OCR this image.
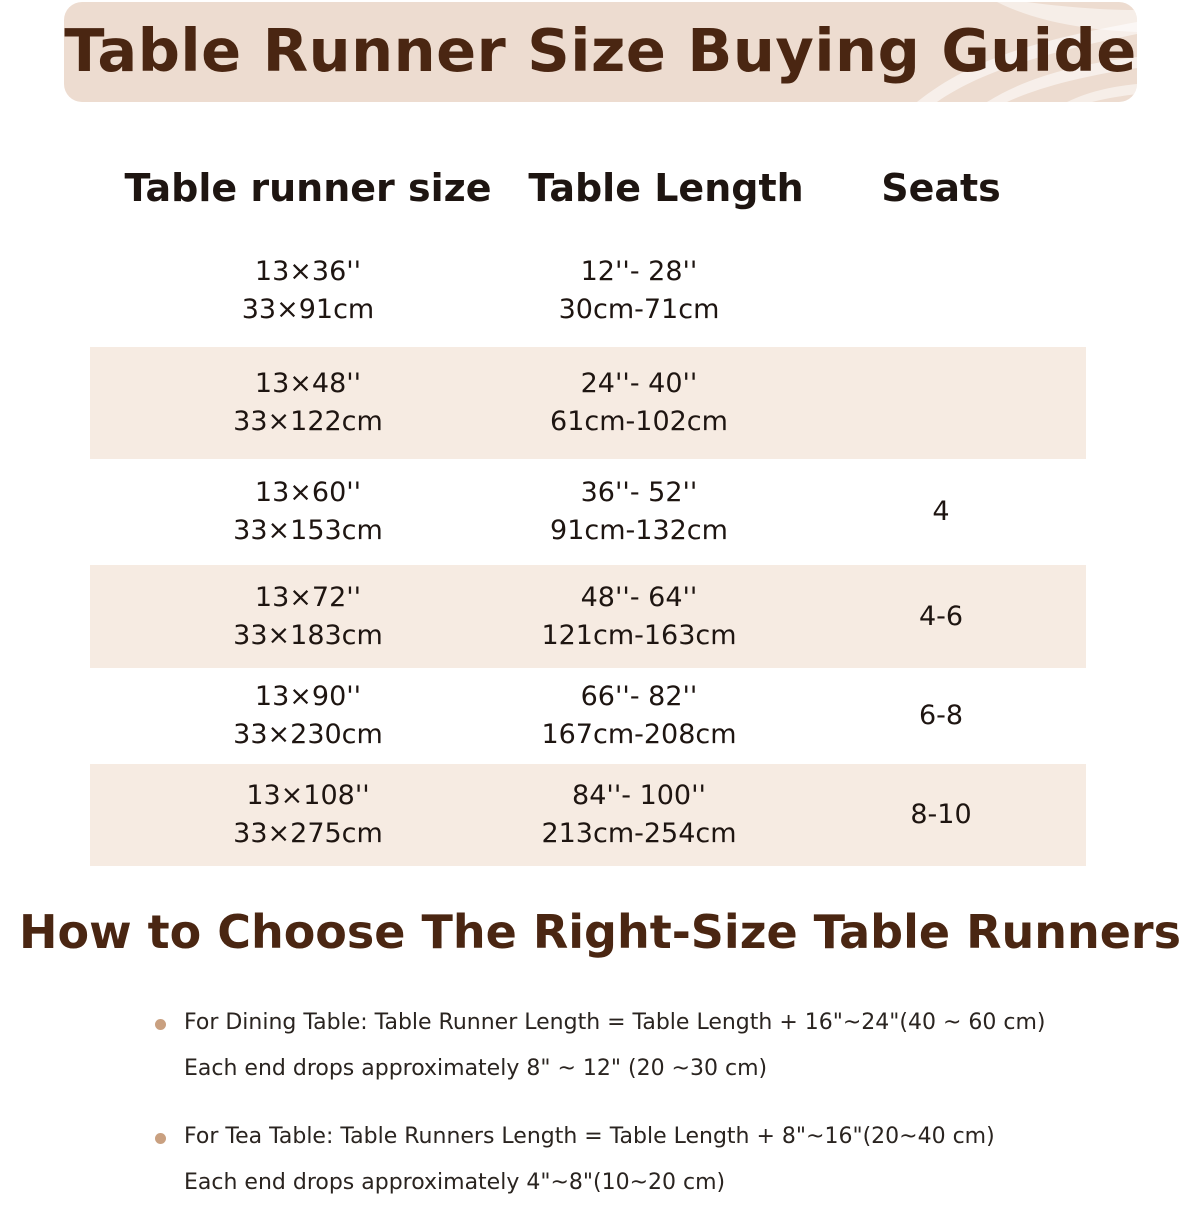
Table Runner Size Buying Guide
Table runner size Table Length	Seats
13×36''
33×91cm
12''- 28''
30cm-71cm
13×48''
33×122cm
24''- 40''
61cm-102cm
13×60''
33×153cm
36''- 52''
91cm-132cm
4
13×72''
33×183cm
48''- 64''
121cm-163cm
4-6
13×90''
33×230cm
66''- 82''
167cm-208cm
6-8
13×108''
33×275cm
84''- 100''
213cm-254cm
8-10
How to Choose The Right-Size Table Runners
For Dining Table: Table Runner Length = Table Length + 16"~24"(40 ~ 60 cm)
Each end drops approximately 8" ~ 12" (20 ~30 cm)
For Tea Table: Table Runners Length = Table Length + 8"~16"(20~40 cm)
Each end drops approximately 4"~8"(10~20 cm)
